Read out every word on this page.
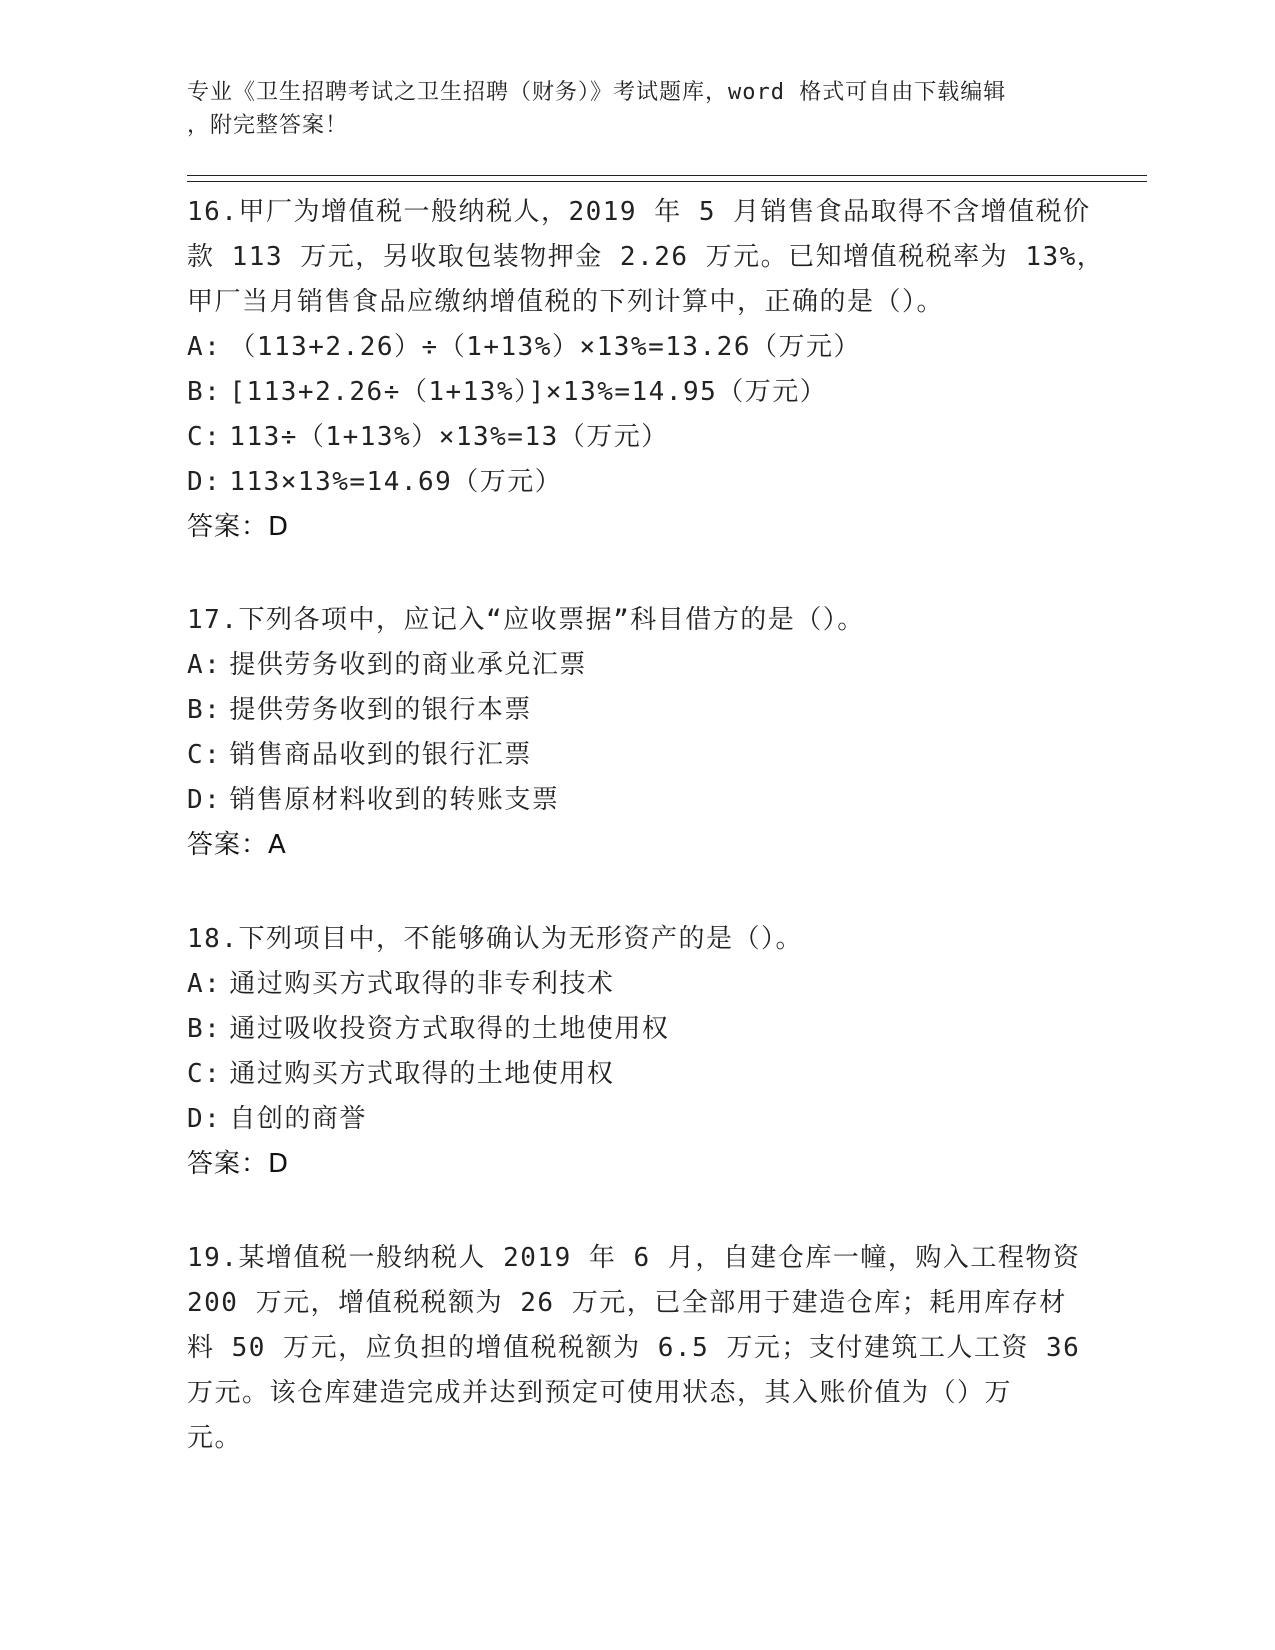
专业《卫生招聘考试之卫生招聘（财务）》考试题库，word 格式可自由下载编辑
，附完整答案！
16.甲厂为增值税一般纳税人，2019 年 5 月销售食品取得不含增值税价
款 113 万元，另收取包装物押金 2.26 万元。已知增值税税率为 13%，
甲厂当月销售食品应缴纳增值税的下列计算中，正确的是（）。
A: （113+2.26）÷（1+13%）×13%=13.26（万元）
B: [113+2.26÷（1+13%）]×13%=14.95（万元）
C: 113÷（1+13%）×13%=13（万元）
D: 113×13%=14.69（万元）
答案：D
17.下列各项中，应记入“应收票据”科目借方的是（）。
A: 提供劳务收到的商业承兑汇票
B: 提供劳务收到的银行本票
C: 销售商品收到的银行汇票
D: 销售原材料收到的转账支票
答案：A
18.下列项目中，不能够确认为无形资产的是（）。
A: 通过购买方式取得的非专利技术
B: 通过吸收投资方式取得的土地使用权
C: 通过购买方式取得的土地使用权
D: 自创的商誉
答案：D
19.某增值税一般纳税人 2019 年 6 月，自建仓库一幢，购入工程物资
200 万元，增值税税额为 26 万元，已全部用于建造仓库；耗用库存材
料 50 万元，应负担的增值税税额为 6.5 万元；支付建筑工人工资 36
万元。该仓库建造完成并达到预定可使用状态，其入账价值为（）万
元。
